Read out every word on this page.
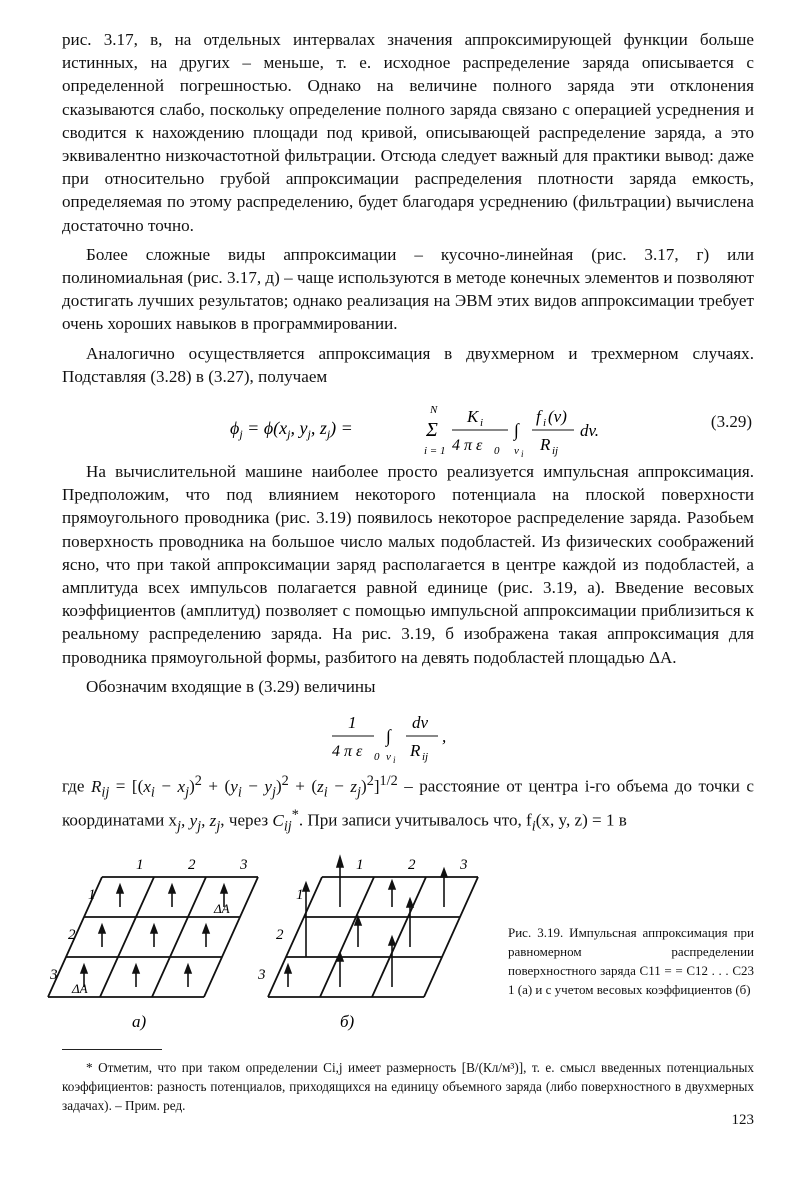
рис. 3.17, в, на отдельных интервалах значения аппроксимирующей функции больше истинных, на других – меньше, т. е. исходное распределение заряда описывается с определенной погрешностью. Однако на величине полного заряда эти отклонения сказываются слабо, поскольку определение полного заряда связано с операцией усреднения и сводится к нахождению площади под кривой, описывающей распределение заряда, а это эквивалентно низкочастотной фильтрации. Отсюда следует важный для практики вывод: даже при относительно грубой аппроксимации распределения плотности заряда емкость, определяемая по этому распределению, будет благодаря усреднению (фильтрации) вычислена достаточно точно.

Более сложные виды аппроксимации – кусочно-линейная (рис. 3.17, г) или полиномиальная (рис. 3.17, д) – чаще используются в методе конечных элементов и позволяют достигать лучших результатов; однако реализация на ЭВМ этих видов аппроксимации требует очень хороших навыков в программировании.

Аналогично осуществляется аппроксимация в двухмерном и трехмерном случаях. Подставляя (3.28) в (3.27), получаем

$\phi_j = \phi(x_j$, $y_j$, $z_j$) =
N
Σ
i = 1
K i
4 π ε 0
∫
v i
f i (v)
R ij
dv.	(3.29)

На вычислительной машине наиболее просто реализуется импульсная аппроксимация. Предположим, что под влиянием некоторого потенциала на плоской поверхности прямоугольного проводника (рис. 3.19) появилось некоторое распределение заряда. Разобьем поверхность проводника на большое число малых подобластей. Из физических соображений ясно, что при такой аппроксимации заряд располагается в центре каждой из подобластей, а амплитуда всех импульсов полагается равной единице (рис. 3.19, а). Введение весовых коэффициентов (амплитуд) позволяет с помощью импульсной аппроксимации приблизиться к реальному распределению заряда. На рис. 3.19, б изображена такая аппроксимация для проводника прямоугольной формы, разбитого на девять подобластей площадью ΔA.

Обозначим входящие в (3.29) величины

1
4 π ε 0
∫
v i
dv
R ij
,

где $R_{ij} = [(x_i - x_j)^2 + (y_i - y_j)^2 + (z_i - z_j)^2]^{1/2}$ – расстояние от центра i-го объема до точки с координатами $x_j$, $y_j$, $z_j$, через $C_{ij}^*$. При записи учитывалось что, $f_i(x$, y, z) = 1 в

1	2	3
1
2
3
ΔA
ΔA
а)
1	2	3
1
2
3
б)
Рис. 3.19. Импульсная аппроксимация при равномерном распределении поверхностного заряда C11 = = C12 . . . C23 1 (а) и с учетом весовых коэффициентов (б)

* Отметим, что при таком определении Ci,j имеет размерность [В/(Кл/м³)], т. е. смысл введенных потенциальных коэффициентов: разность потенциалов, приходящихся на единицу объемного заряда (либо поверхностного в двухмерных задачах). – Прим. ред.

123
